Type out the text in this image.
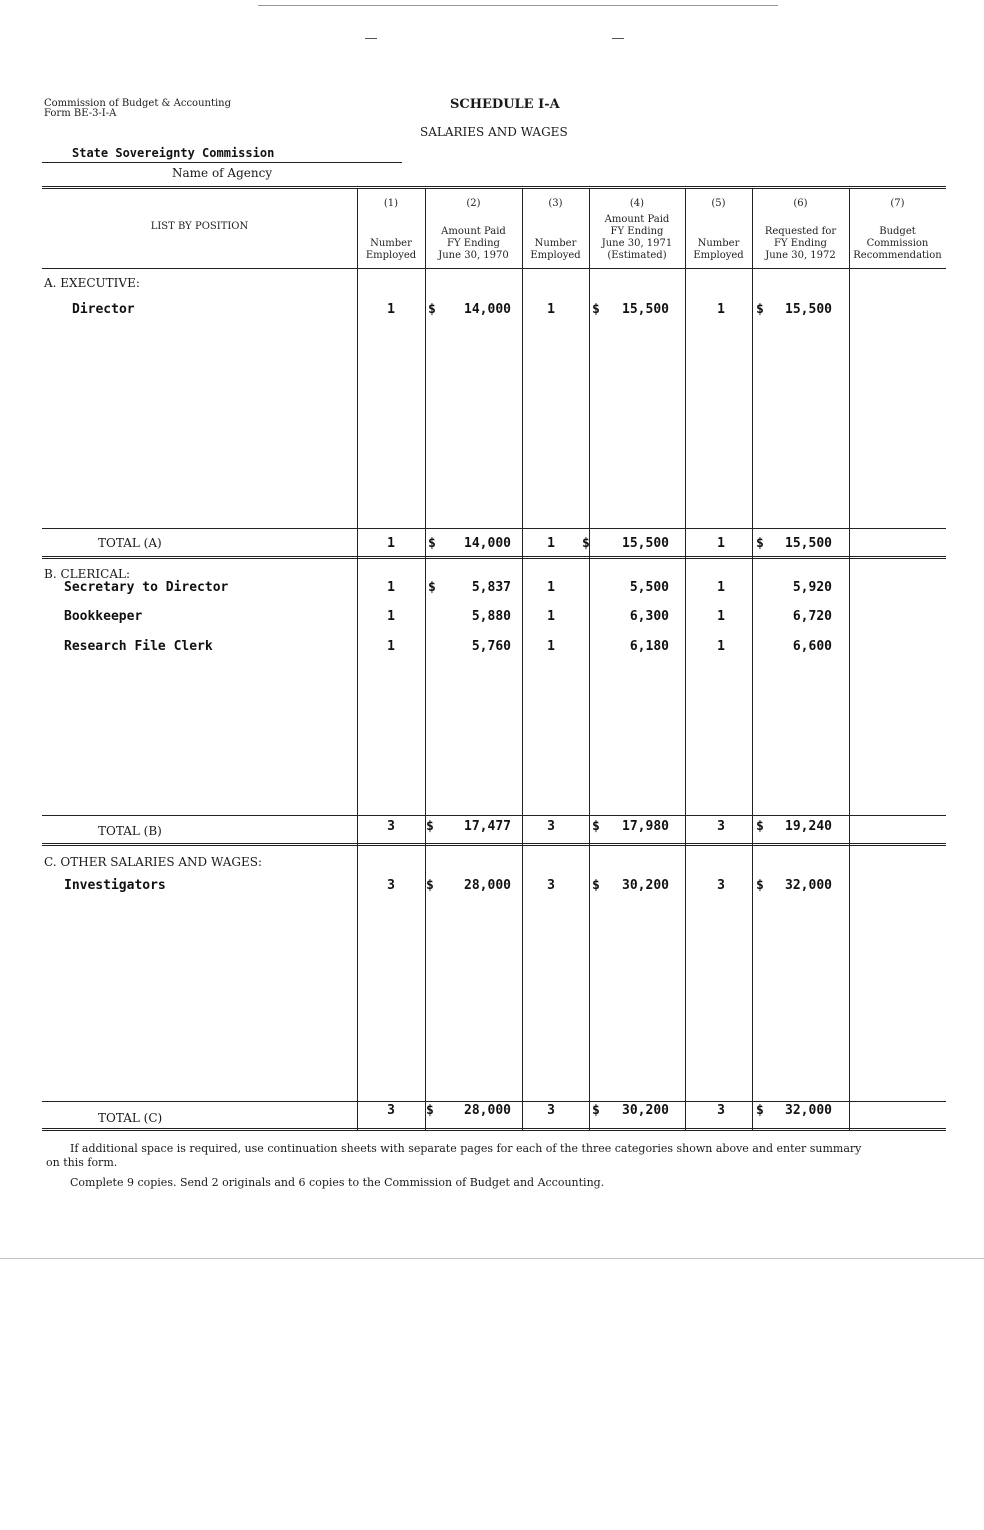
Commission of Budget & Accounting
Form BE-3-I-A
SCHEDULE I-A
SALARIES AND WAGES
State Sovereignty Commission
Name of Agency
LIST BY POSITION
(1)
Number
Employed
(2)
Amount Paid
FY Ending
June 30, 1970
(3)
Number
Employed
(4)
Amount Paid
FY Ending
June 30, 1971
(Estimated)
(5)
Number
Employed
(6)
Requested for
FY Ending
June 30, 1972
(7)
Budget
Commission
Recommendation
A. EXECUTIVE:
Director	1	$	14,000	1	$	15,500	1	$	15,500
TOTAL (A)	1	$	14,000	1	$	15,500	1	$	15,500
B. CLERICAL:
Secretary to Director	1	$	5,837	1	5,500	1	5,920
Bookkeeper	1	5,880	1	6,300	1	6,720
Research File Clerk	1	5,760	1	6,180	1	6,600
TOTAL (B)	3	$	17,477	3	$	17,980	3	$	19,240
C. OTHER SALARIES AND WAGES:
Investigators	3	$	28,000	3	$	30,200	3	$	32,000
TOTAL (C)	3	$	28,000	3	$	30,200	3	$	32,000
If additional space is required, use continuation sheets with separate pages for each of the three categories shown above and enter summary
on this form.
Complete 9 copies. Send 2 originals and 6 copies to the Commission of Budget and Accounting.
